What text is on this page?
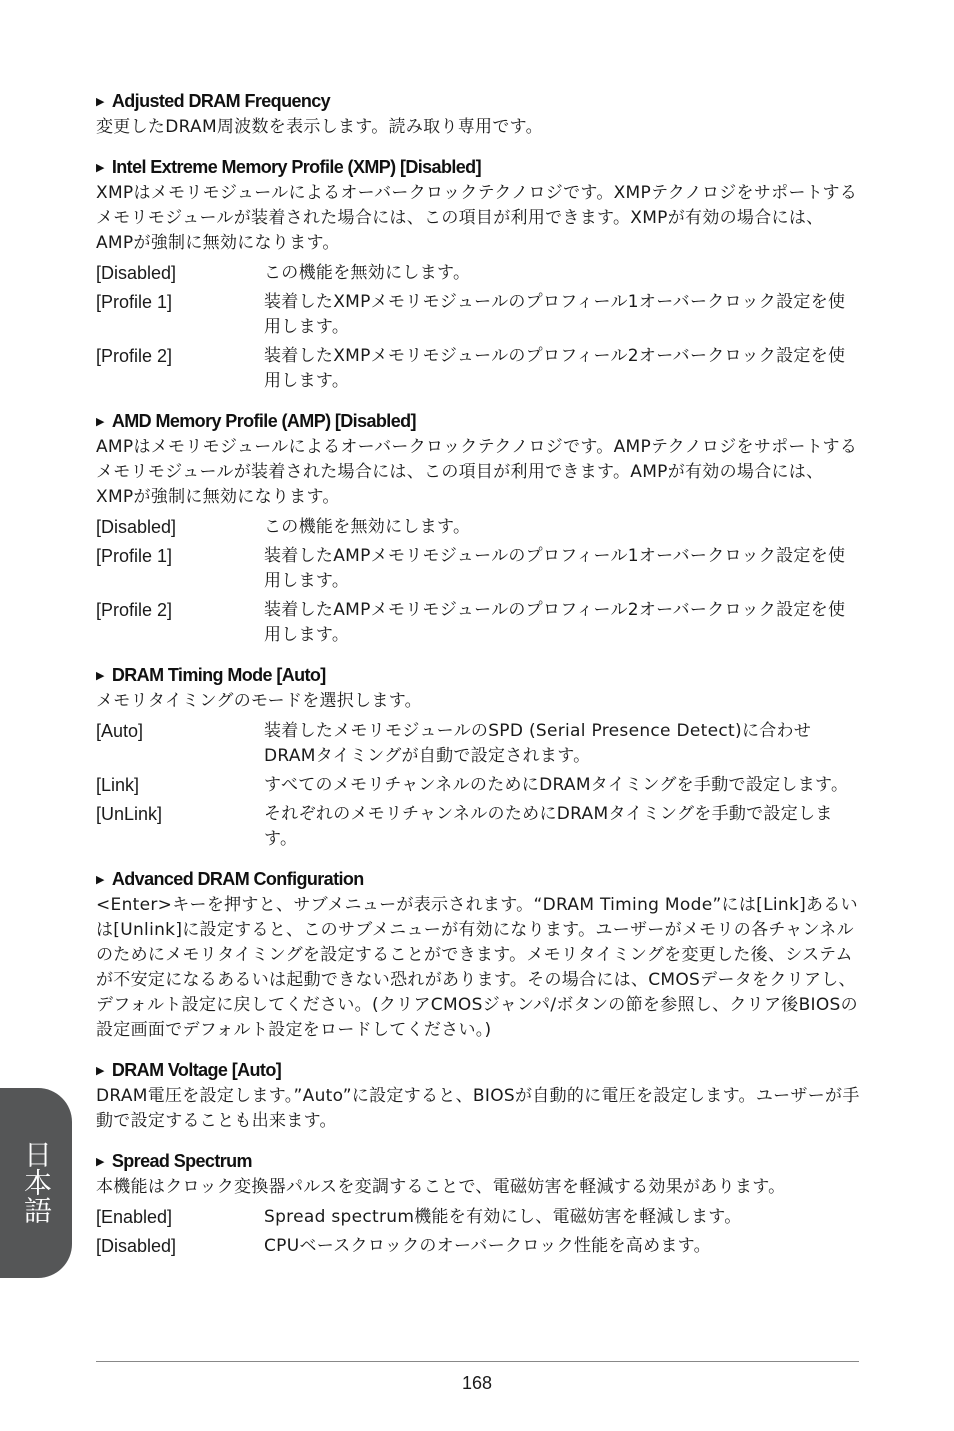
▶ Adjusted DRAM Frequency

変更したDRAM周波数を表示します。読み取り専用です。

▶ Intel Extreme Memory Profile (XMP) [Disabled]

XMPはメモリモジュールによるオーバークロックテクノロジです。XMPテクノロジをサポートするメモリモジュールが装着された場合には、この項目が利用できます。XMPが有効の場合には、AMPが強制に無効になります。

[Disabled]	この機能を無効にします。
[Profile 1]	装着したXMPメモリモジュールのプロフィール1オーバークロック設定を使用します。
[Profile 2]	装着したXMPメモリモジュールのプロフィール2オーバークロック設定を使用します。
▶ AMD Memory Profile (AMP) [Disabled]

AMPはメモリモジュールによるオーバークロックテクノロジです。AMPテクノロジをサポートするメモリモジュールが装着された場合には、この項目が利用できます。AMPが有効の場合には、XMPが強制に無効になります。

[Disabled]	この機能を無効にします。
[Profile 1]	装着したAMPメモリモジュールのプロフィール1オーバークロック設定を使用します。
[Profile 2]	装着したAMPメモリモジュールのプロフィール2オーバークロック設定を使用します。
▶ DRAM Timing Mode [Auto]

メモリタイミングのモードを選択します。

[Auto]	装着したメモリモジュールのSPD (Serial Presence Detect)に合わせDRAMタイミングが自動で設定されます。
[Link]	すべてのメモリチャンネルのためにDRAMタイミングを手動で設定します。
[UnLink]	それぞれのメモリチャンネルのためにDRAMタイミングを手動で設定します。
▶ Advanced DRAM Configuration

<Enter>キーを押すと、サブメニューが表示されます。“DRAM Timing Mode”には[Link]あるいは[Unlink]に設定すると、このサブメニューが有効になります。ユーザーがメモリの各チャンネルのためにメモリタイミングを設定することができます。メモリタイミングを変更した後、システムが不安定になるあるいは起動できない恐れがあります。その場合には、CMOSデータをクリアし、デフォルト設定に戻してください。(クリアCMOSジャンパ/ボタンの節を参照し、クリア後BIOSの設定画面でデフォルト設定をロードしてください。)

▶ DRAM Voltage [Auto]

DRAM電圧を設定します。”Auto”に設定すると、BIOSが自動的に電圧を設定します。ユーザーが手動で設定することも出来ます。

▶ Spread Spectrum

本機能はクロック変換器パルスを変調することで、電磁妨害を軽減する効果があります。

[Enabled]	Spread spectrum機能を有効にし、電磁妨害を軽減します。
[Disabled]	CPUベースクロックのオーバークロック性能を高めます。
日本語
168
